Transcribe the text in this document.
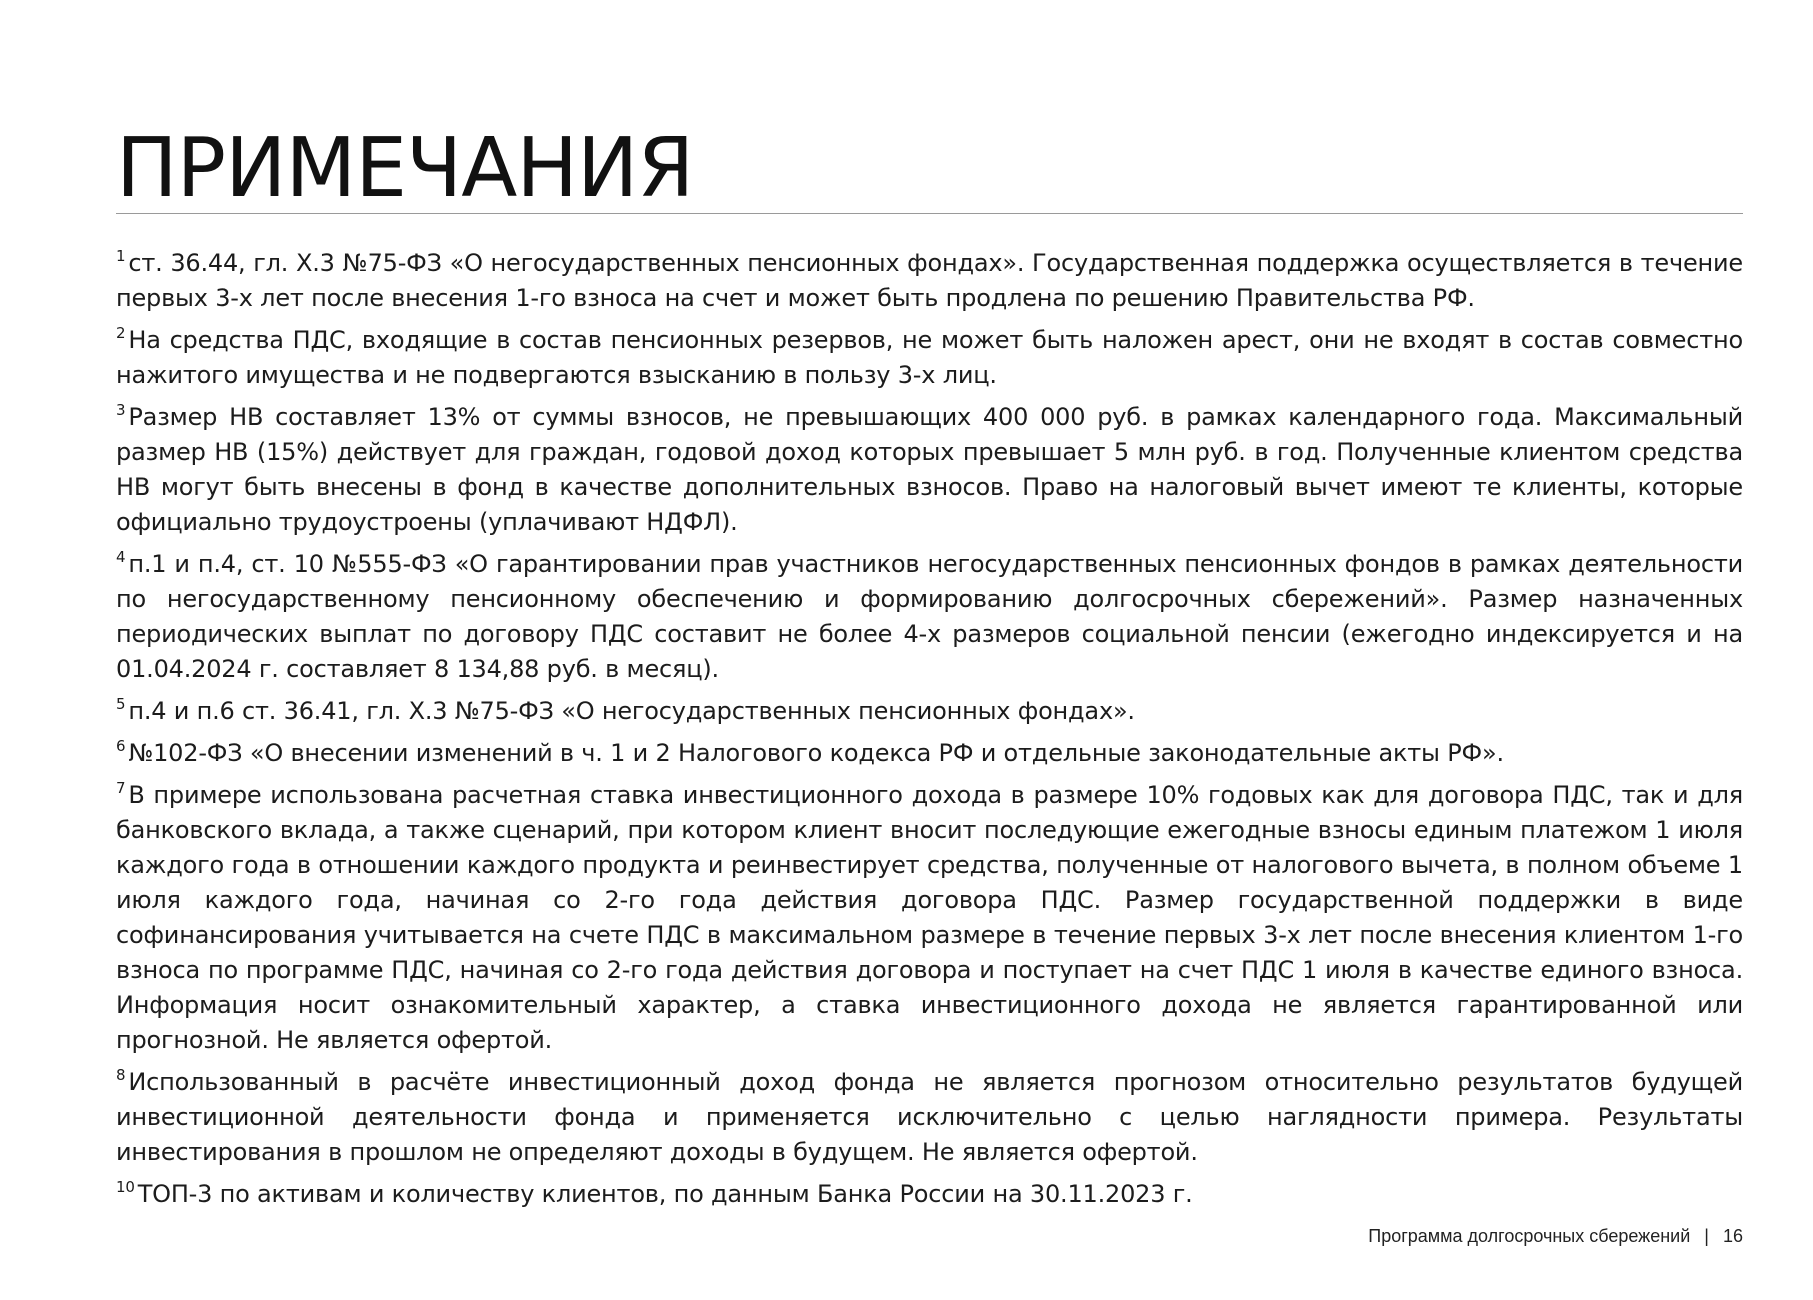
ПРИМЕЧАНИЯ
$^1$ ст. 36.44, гл. X.3 №75-ФЗ «О негосударственных пенсионных фондах». Государственная поддержка осуществляется в течение первых 3-х лет после внесения 1-го взноса на счет и может быть продлена по решению Правительства РФ.
$^2$ На средства ПДС, входящие в состав пенсионных резервов, не может быть наложен арест, они не входят в состав совместно нажитого имущества и не подвергаются взысканию в пользу 3-х лиц.
$^3$ Размер НВ составляет 13% от суммы взносов, не превышающих 400 000 руб. в рамках календарного года. Максимальный размер НВ (15%) действует для граждан, годовой доход которых превышает 5 млн руб. в год. Полученные клиентом средства НВ могут быть внесены в фонд в качестве дополнительных взносов. Право на налоговый вычет имеют те клиенты, которые официально трудоустроены (уплачивают НДФЛ).
$^4$ п.1 и п.4, ст. 10 №555-ФЗ «О гарантировании прав участников негосударственных пенсионных фондов в рамках деятельности по негосударственному пенсионному обеспечению и формированию долгосрочных сбережений». Размер назначенных периодических выплат по договору ПДС составит не более 4-х размеров социальной пенсии (ежегодно индексируется и на 01.04.2024 г. составляет 8 134,88 руб. в месяц).
$^5$ п.4 и п.6 ст. 36.41, гл. X.3 №75-ФЗ «О негосударственных пенсионных фондах».
$^6$ №102-ФЗ «О внесении изменений в ч. 1 и 2 Налогового кодекса РФ и отдельные законодательные акты РФ».
$^7$ В примере использована расчетная ставка инвестиционного дохода в размере 10% годовых как для договора ПДС, так и для банковского вклада, а также сценарий, при котором клиент вносит последующие ежегодные взносы единым платежом 1 июля каждого года в отношении каждого продукта и реинвестирует средства, полученные от налогового вычета, в полном объеме 1 июля каждого года, начиная со 2-го года действия договора ПДС. Размер государственной поддержки в виде софинансирования учитывается на счете ПДС в максимальном размере в течение первых 3-х лет после внесения клиентом 1-го взноса по программе ПДС, начиная со 2-го года действия договора и поступает на счет ПДС 1 июля в качестве единого взноса. Информация носит ознакомительный характер, а ставка инвестиционного дохода не является гарантированной или прогнозной. Не является офертой.
$^8$ Использованный в расчёте инвестиционный доход фонда не является прогнозом относительно результатов будущей инвестиционной деятельности фонда и применяется исключительно с целью наглядности примера. Результаты инвестирования в прошлом не определяют доходы в будущем. Не является офертой.
$^{10}$ ТОП-3 по активам и количеству клиентов, по данным Банка России на 30.11.2023 г.
Программа долгосрочных сбережений | 16
